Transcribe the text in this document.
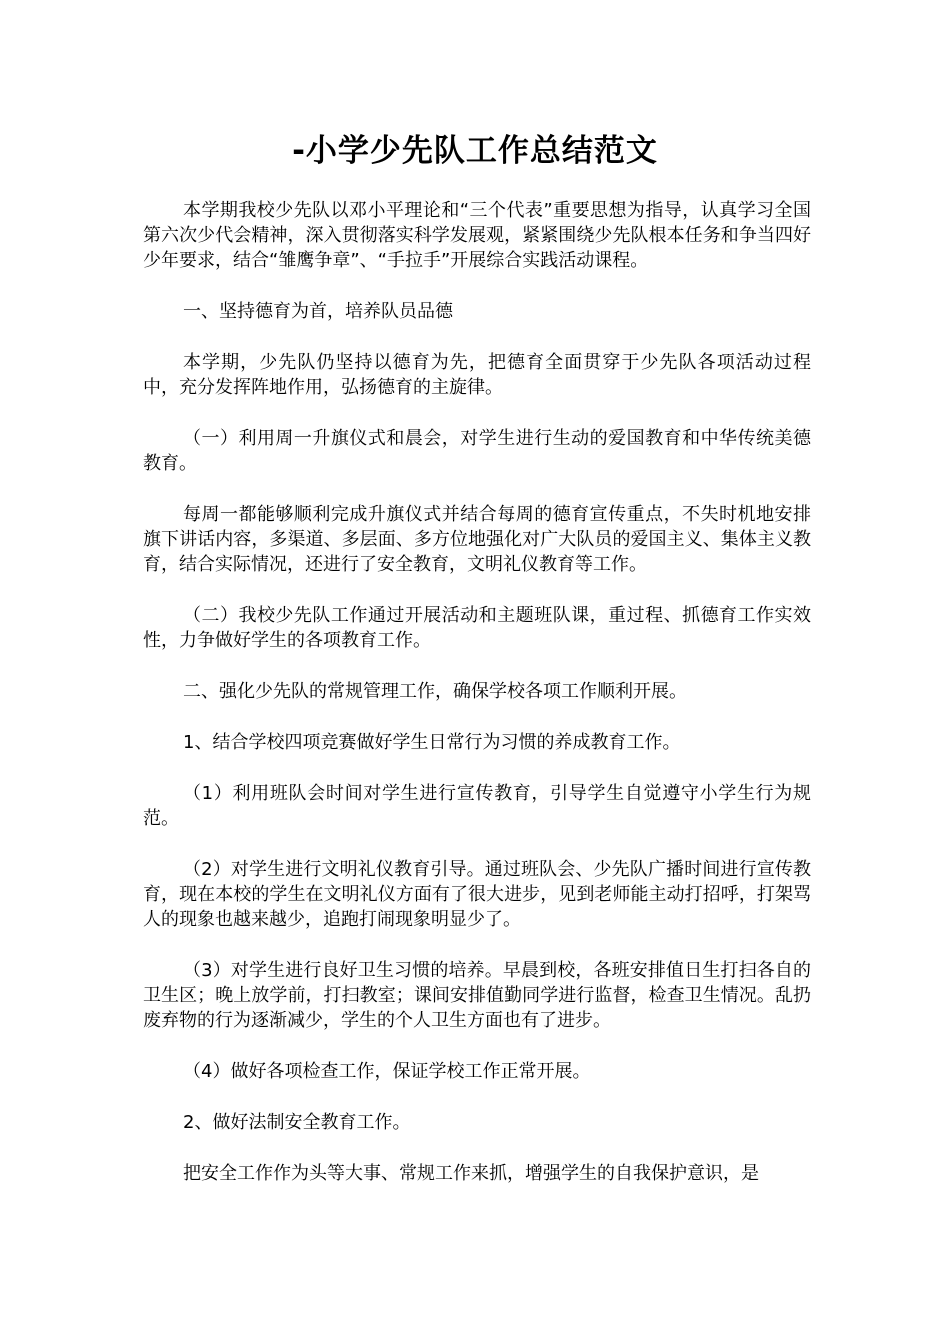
-小学少先队工作总结范文

本学期我校少先队以邓小平理论和“三个代表”重要思想为指导，认真学习全国第六次少代会精神，深入贯彻落实科学发展观，紧紧围绕少先队根本任务和争当四好少年要求，结合“雏鹰争章”、“手拉手”开展综合实践活动课程。

一、坚持德育为首，培养队员品德

本学期，少先队仍坚持以德育为先，把德育全面贯穿于少先队各项活动过程中，充分发挥阵地作用，弘扬德育的主旋律。

（一）利用周一升旗仪式和晨会，对学生进行生动的爱国教育和中华传统美德教育。

每周一都能够顺利完成升旗仪式并结合每周的德育宣传重点，不失时机地安排旗下讲话内容，多渠道、多层面、多方位地强化对广大队员的爱国主义、集体主义教育，结合实际情况，还进行了安全教育，文明礼仪教育等工作。

（二）我校少先队工作通过开展活动和主题班队课，重过程、抓德育工作实效性，力争做好学生的各项教育工作。

二、强化少先队的常规管理工作，确保学校各项工作顺利开展。

1、结合学校四项竞赛做好学生日常行为习惯的养成教育工作。

（1）利用班队会时间对学生进行宣传教育，引导学生自觉遵守小学生行为规范。

（2）对学生进行文明礼仪教育引导。通过班队会、少先队广播时间进行宣传教育，现在本校的学生在文明礼仪方面有了很大进步，见到老师能主动打招呼，打架骂人的现象也越来越少，追跑打闹现象明显少了。

（3）对学生进行良好卫生习惯的培养。早晨到校，各班安排值日生打扫各自的卫生区；晚上放学前，打扫教室；课间安排值勤同学进行监督，检查卫生情况。乱扔废弃物的行为逐渐减少，学生的个人卫生方面也有了进步。

（4）做好各项检查工作，保证学校工作正常开展。

2、做好法制安全教育工作。

把安全工作作为头等大事、常规工作来抓，增强学生的自我保护意识，是
